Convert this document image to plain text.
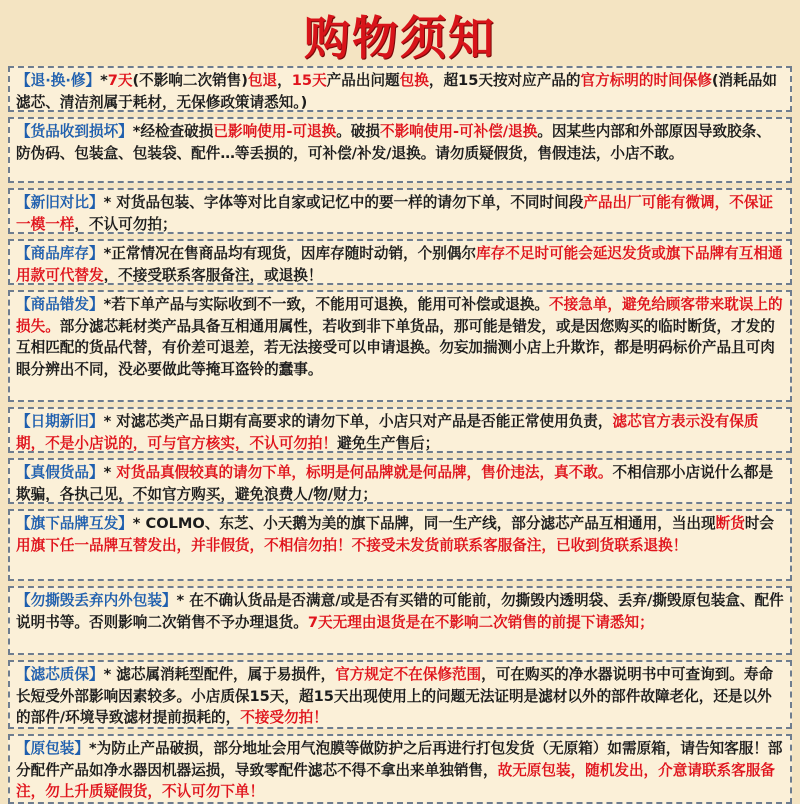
购物须知
【退·换·修】*7天(不影响二次销售)包退，15天产品出问题包换，超15天按对应产品的官方标明的时间保修(消耗品如滤芯、清洁剂属于耗材，无保修政策请悉知。)
【货品收到损坏】*经检查破损已影响使用-可退换。破损不影响使用-可补偿/退换。因某些内部和外部原因导致胶条、防伪码、包装盒、包装袋、配件…等丢损的，可补偿/补发/退换。请勿质疑假货，售假违法，小店不敢。
【新旧对比】* 对货品包装、字体等对比自家或记忆中的要一样的请勿下单，不同时间段产品出厂可能有微调，不保证一模一样，不认可勿拍；
【商品库存】*正常情况在售商品均有现货，因库存随时动销，个别偶尔库存不足时可能会延迟发货或旗下品牌有互相通用款可代替发，不接受联系客服备注，或退换！
【商品错发】*若下单产品与实际收到不一致，不能用可退换，能用可补偿或退换。不接急单，避免给顾客带来耽误上的损失。部分滤芯耗材类产品具备互相通用属性，若收到非下单货品，那可能是错发，或是因您购买的临时断货，才发的互相匹配的货品代替，有价差可退差，若无法接受可以申请退换。勿妄加揣测小店上升欺诈，都是明码标价产品且可肉眼分辨出不同，没必要做此等掩耳盗铃的蠢事。
【日期新旧】* 对滤芯类产品日期有高要求的请勿下单，小店只对产品是否能正常使用负责，滤芯官方表示没有保质期，不是小店说的，可与官方核实，不认可勿拍！避免生产售后；
【真假货品】* 对货品真假较真的请勿下单，标明是何品牌就是何品牌，售价违法，真不敢。不相信那小店说什么都是欺骗，各执己见，不如官方购买，避免浪费人/物/财力；
【旗下品牌互发】* COLMO、东芝、小天鹅为美的旗下品牌，同一生产线，部分滤芯产品互相通用，当出现断货时会用旗下任一品牌互替发出，并非假货，不相信勿拍！不接受未发货前联系客服备注，已收到货联系退换！
【勿撕毁丢弃内外包装】* 在不确认货品是否满意/或是否有买错的可能前，勿撕毁内透明袋、丢弃/撕毁原包装盒、配件说明书等。否则影响二次销售不予办理退货。7天无理由退货是在不影响二次销售的前提下请悉知；
【滤芯质保】* 滤芯属消耗型配件，属于易损件，官方规定不在保修范围，可在购买的净水器说明书中可查询到。寿命长短受外部影响因素较多。小店质保15天，超15天出现使用上的问题无法证明是滤材以外的部件故障老化，还是以外的部件/环境导致滤材提前损耗的，不接受勿拍！
【原包装】*为防止产品破损，部分地址会用气泡膜等做防护之后再进行打包发货（无原箱）如需原箱，请告知客服！部分配件产品如净水器因机器运损，导致零配件滤芯不得不拿出来单独销售，故无原包装，随机发出，介意请联系客服备注，勿上升质疑假货，不认可勿下单！
